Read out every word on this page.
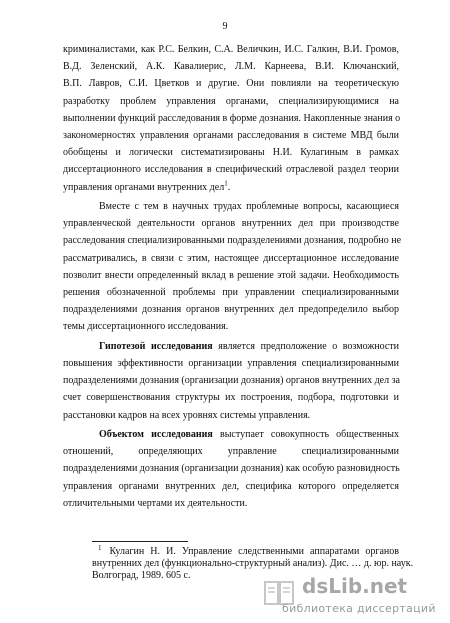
9
криминалистами, как Р.С. Белкин, С.А. Величкин, И.С. Галкин, В.И. Громов,
В.Д. Зеленский, А.К. Кавалиерис, Л.М. Карнеева, В.И. Ключанский,
В.П. Лавров, С.И. Цветков и другие. Они повлияли на теоретическую
разработку проблем управления органами, специализирующимися на
выполнении функций расследования в форме дознания. Накопленные знания о
закономерностях управления органами расследования в системе МВД были
обобщены и логически систематизированы Н.И. Кулагиным в рамках
диссертационного исследования в специфический отраслевой раздел теории
управления органами внутренних дел$^1$.
Вместе с тем в научных трудах проблемные вопросы, касающиеся
управленческой деятельности органов внутренних дел при производстве
расследования специализированными подразделениями дознания, подробно не
рассматривались, в связи с этим, настоящее диссертационное исследование
позволит внести определенный вклад в решение этой задачи. Необходимость
решения обозначенной проблемы при управлении специализированными
подразделениями дознания органов внутренних дел предопределило выбор
темы диссертационного исследования.
Гипотезой исследования является предположение о возможности
повышения эффективности организации управления специализированными
подразделениями дознания (организации дознания) органов внутренних дел за
счет совершенствования структуры их построения, подбора, подготовки и
расстановки кадров на всех уровнях системы управления.
Объектом исследования выступает совокупность общественных
отношений, определяющих управление специализированными
подразделениями дознания (организации дознания) как особую разновидность
управления органами внутренних дел, специфика которого определяется
отличительными чертами их деятельности.
$^1$ Кулагин Н. И. Управление следственными аппаратами органов
внутренних дел (функционально-структурный анализ). Дис. … д. юр. наук.
Волгоград, 1989. 605 с.	dsLib.net
библиотека диссертаций
